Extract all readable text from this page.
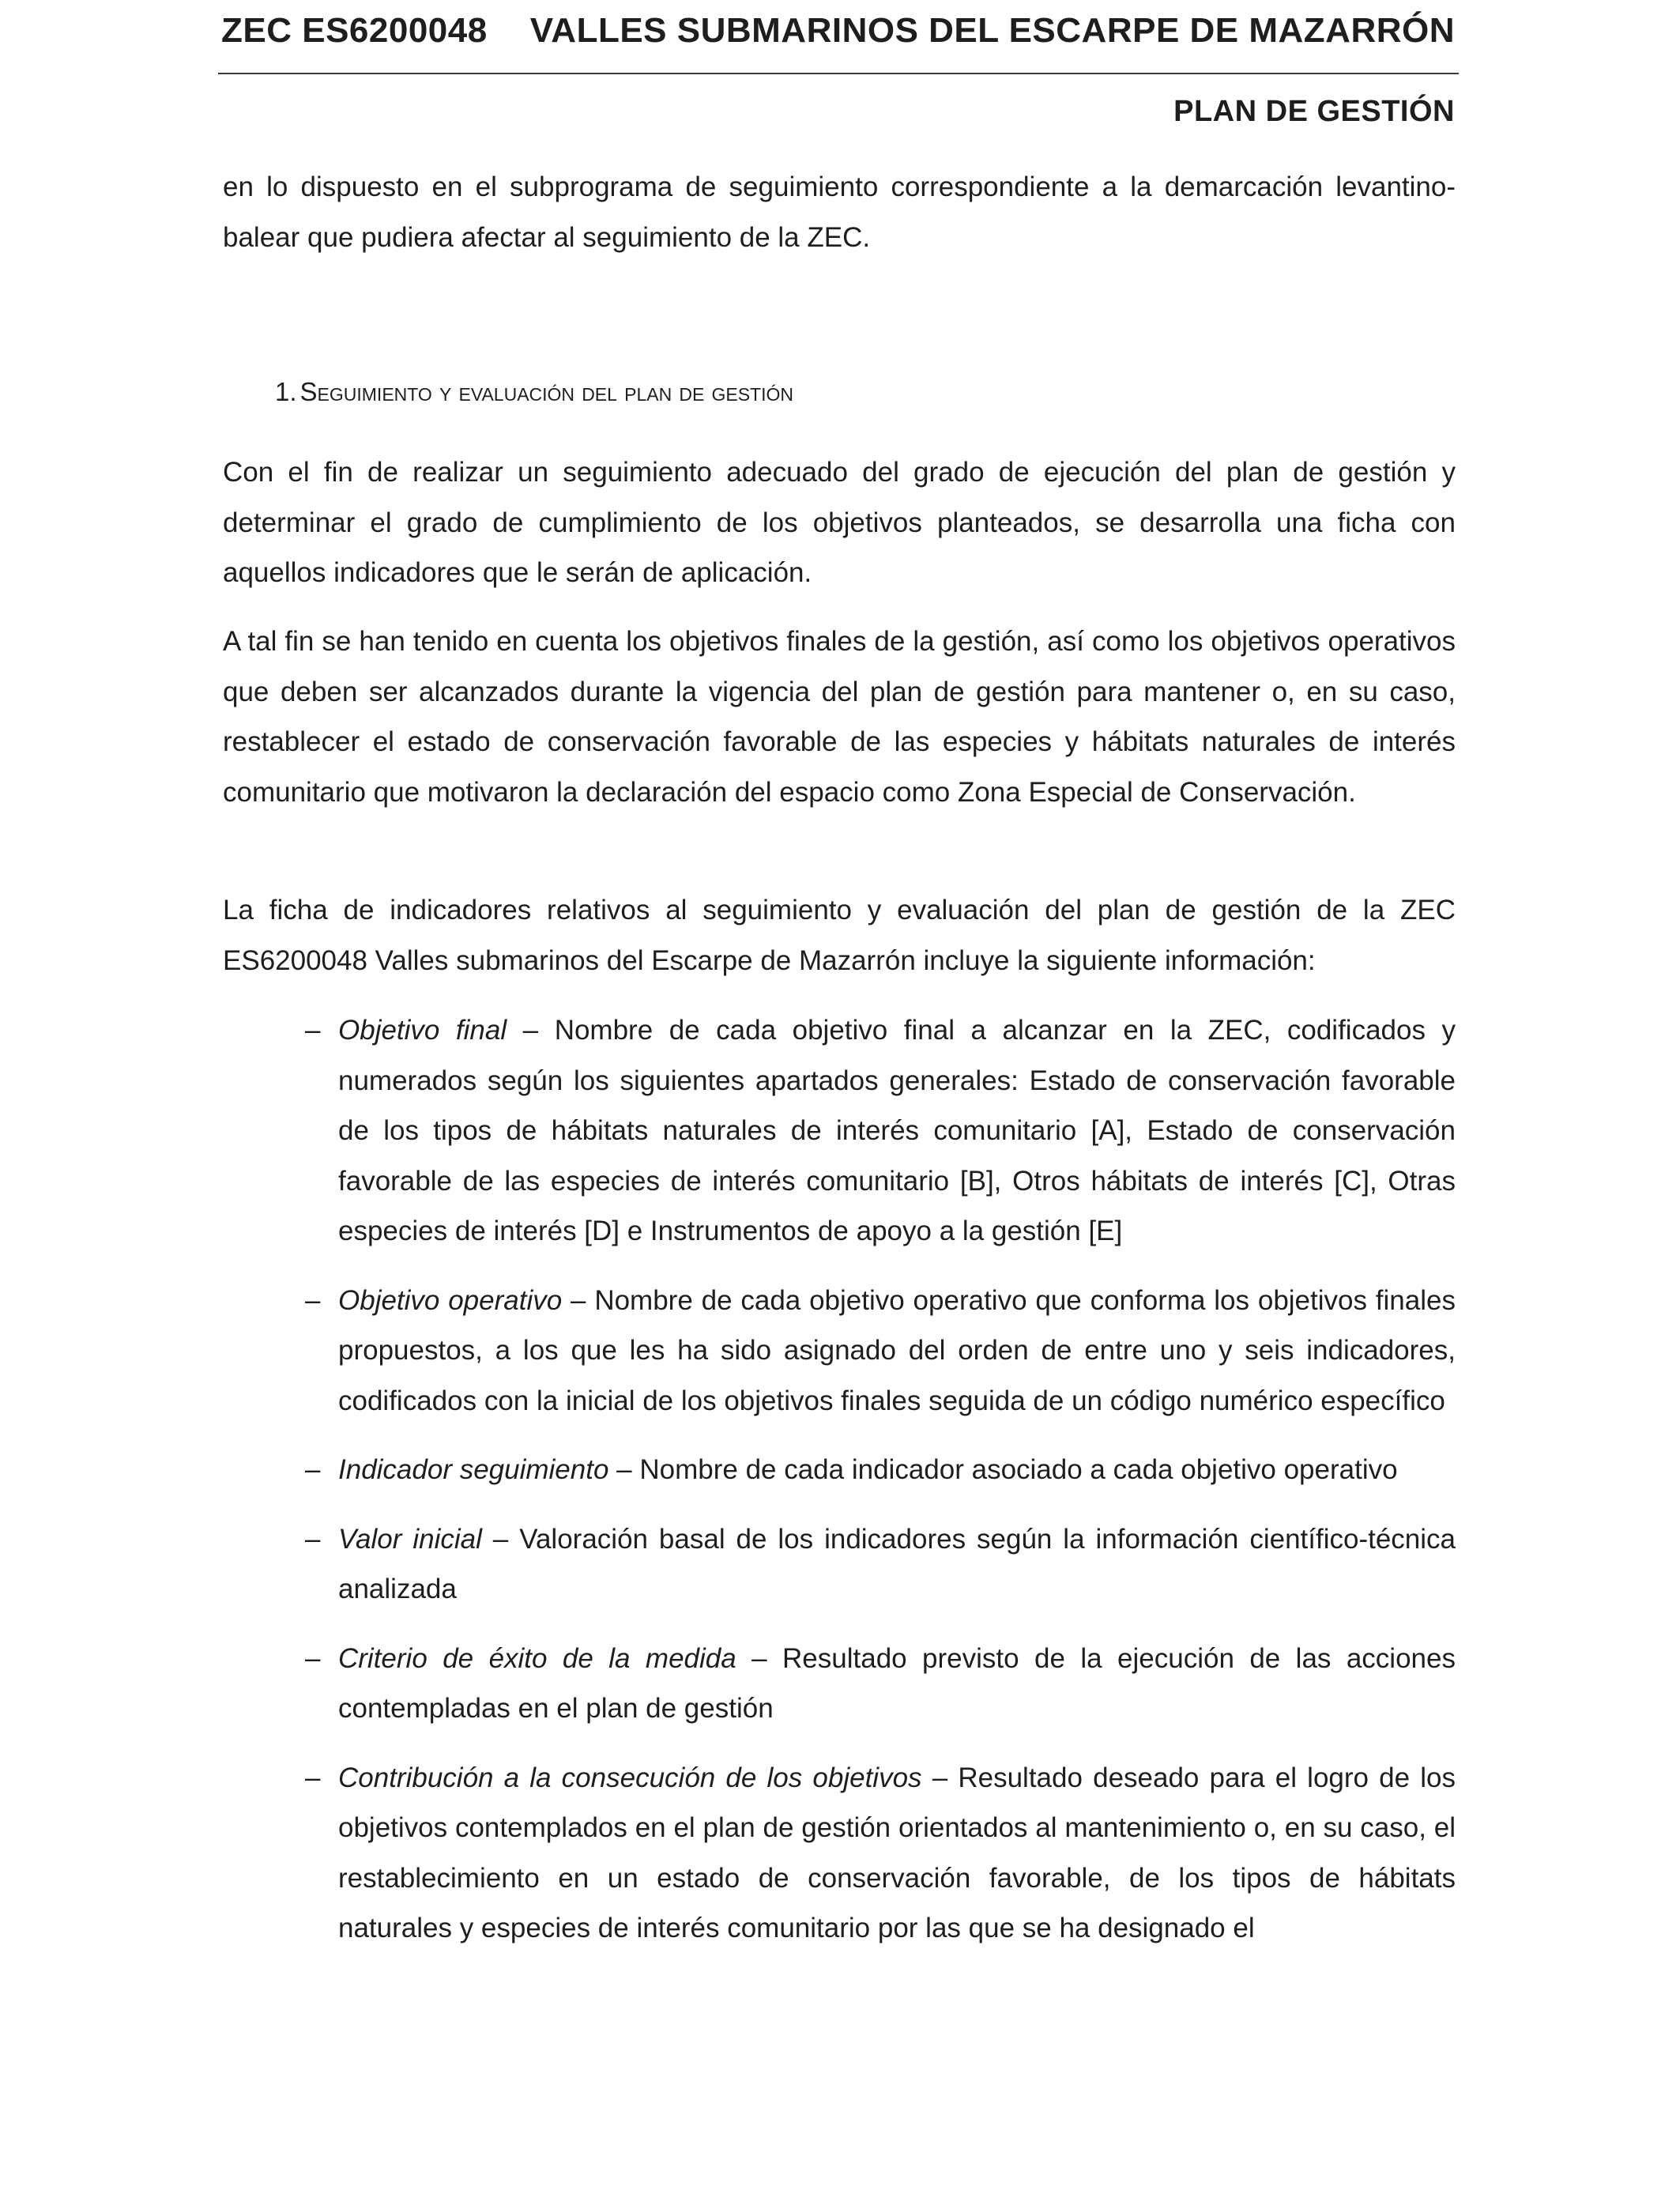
ZEC ES6200048 VALLES SUBMARINOS DEL ESCARPE DE MAZARRÓN
PLAN DE GESTIÓN

en lo dispuesto en el subprograma de seguimiento correspondiente a la demarcación levantino-balear que pudiera afectar al seguimiento de la ZEC.

1. Seguimiento y evaluación del plan de gestión

Con el fin de realizar un seguimiento adecuado del grado de ejecución del plan de gestión y determinar el grado de cumplimiento de los objetivos planteados, se desarrolla una ficha con aquellos indicadores que le serán de aplicación.

A tal fin se han tenido en cuenta los objetivos finales de la gestión, así como los objetivos operativos que deben ser alcanzados durante la vigencia del plan de gestión para mantener o, en su caso, restablecer el estado de conservación favorable de las especies y hábitats naturales de interés comunitario que motivaron la declaración del espacio como Zona Especial de Conservación.

La ficha de indicadores relativos al seguimiento y evaluación del plan de gestión de la ZEC ES6200048 Valles submarinos del Escarpe de Mazarrón incluye la siguiente información:

– Objetivo final – Nombre de cada objetivo final a alcanzar en la ZEC, codificados y numerados según los siguientes apartados generales: Estado de conservación favorable de los tipos de hábitats naturales de interés comunitario [A], Estado de conservación favorable de las especies de interés comunitario [B], Otros hábitats de interés [C], Otras especies de interés [D] e Instrumentos de apoyo a la gestión [E]
– Objetivo operativo – Nombre de cada objetivo operativo que conforma los objetivos finales propuestos, a los que les ha sido asignado del orden de entre uno y seis indicadores, codificados con la inicial de los objetivos finales seguida de un código numérico específico
– Indicador seguimiento – Nombre de cada indicador asociado a cada objetivo operativo
– Valor inicial – Valoración basal de los indicadores según la información científico-técnica analizada
– Criterio de éxito de la medida – Resultado previsto de la ejecución de las acciones contempladas en el plan de gestión
– Contribución a la consecución de los objetivos – Resultado deseado para el logro de los objetivos contemplados en el plan de gestión orientados al mantenimiento o, en su caso, el restablecimiento en un estado de conservación favorable, de los tipos de hábitats naturales y especies de interés comunitario por las que se ha designado el
